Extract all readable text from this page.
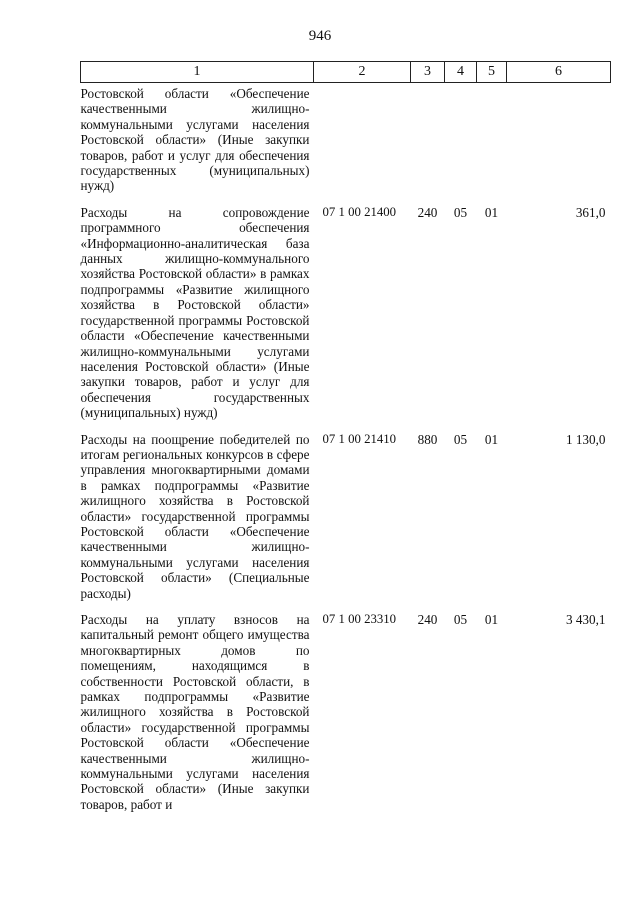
946
1	2	3	4	5	6
Ростовской области «Обеспечение качественными жилищно-коммунальными услугами населения Ростовской области» (Иные закупки товаров, работ и услуг для обеспечения государственных (муниципальных) нужд)					
Расходы на сопровождение программного обеспечения «Информационно-аналитическая база данных жилищно-коммунального хозяйства Ростовской области» в рамках подпрограммы «Развитие жилищного хозяйства в Ростовской области» государственной программы Ростовской области «Обеспечение качественными жилищно-коммунальными услугами населения Ростовской области» (Иные закупки товаров, работ и услуг для обеспечения государственных (муниципальных) нужд)	07 1 00 21400	240	05	01	361,0
Расходы на поощрение победителей по итогам региональных конкурсов в сфере управления многоквартирными домами в рамках подпрограммы «Развитие жилищного хозяйства в Ростовской области» государственной программы Ростовской области «Обеспечение качественными жилищно-коммунальными услугами населения Ростовской области» (Специальные расходы)	07 1 00 21410	880	05	01	1 130,0
Расходы на уплату взносов на капитальный ремонт общего имущества многоквартирных домов по помещениям, находящимся в собственности Ростовской области, в рамках подпрограммы «Развитие жилищного хозяйства в Ростовской области» государственной программы Ростовской области «Обеспечение качественными жилищно-коммунальными услугами населения Ростовской области» (Иные закупки товаров, работ и	07 1 00 23310	240	05	01	3 430,1
